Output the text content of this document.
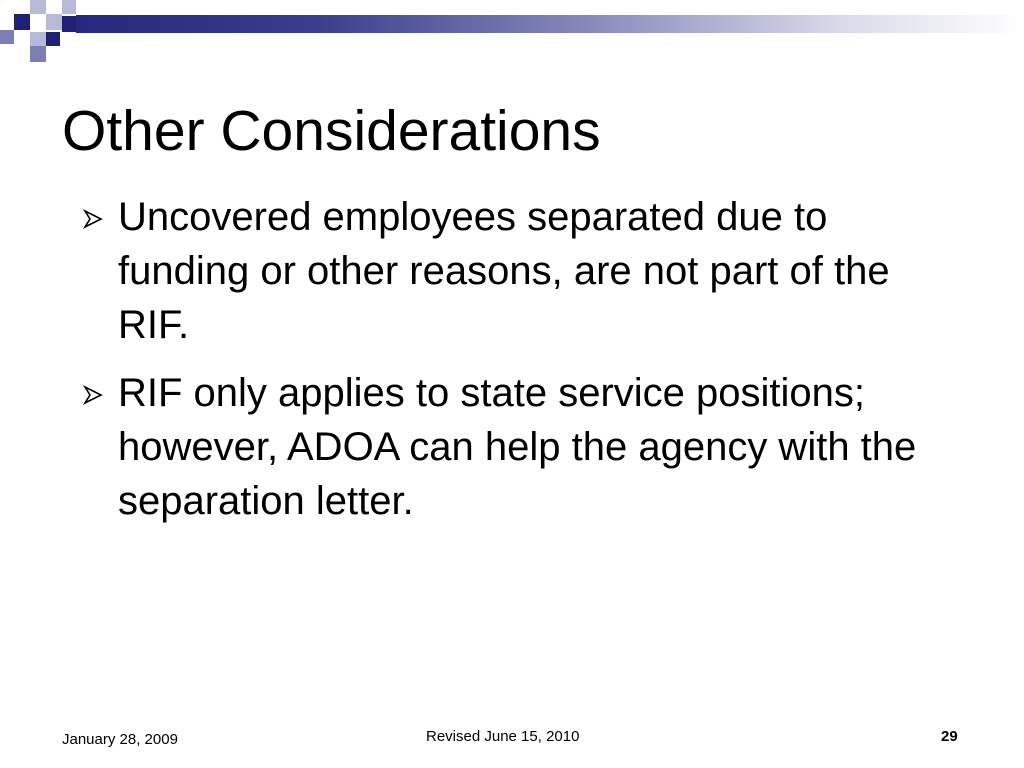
Other Considerations
Uncovered employees separated due to funding or other reasons, are not part of the RIF.
RIF only applies to state service positions; however, ADOA can help the agency with the separation letter.
January 28, 2009	Revised June 15, 2010	29
